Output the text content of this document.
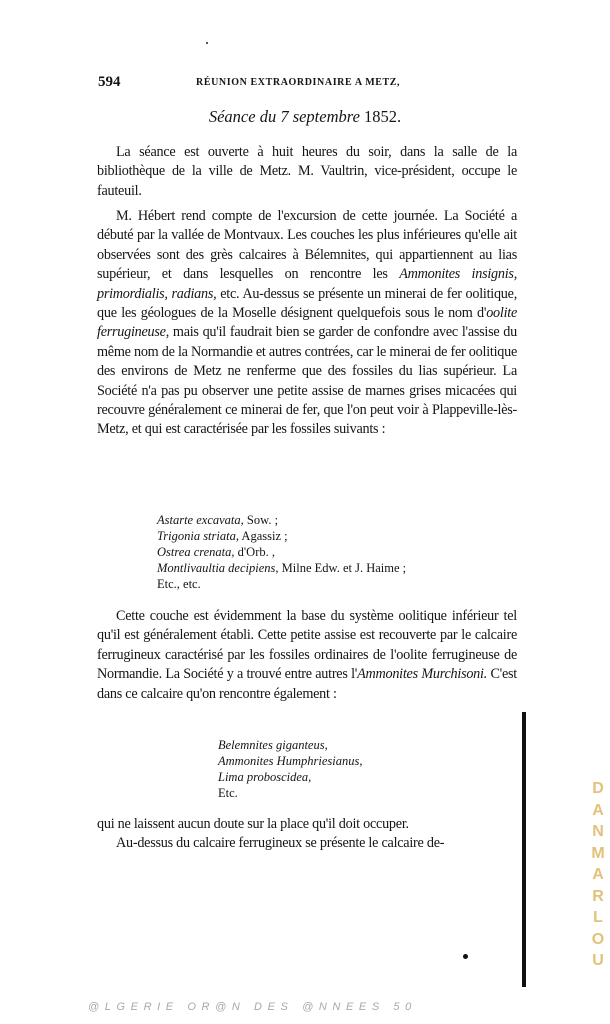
594	RÉUNION EXTRAORDINAIRE A METZ,
Séance du 7 septembre 1852.

La séance est ouverte à huit heures du soir, dans la salle de la bibliothèque de la ville de Metz. M. Vaultrin, vice-président, occupe le fauteuil.

M. Hébert rend compte de l'excursion de cette journée. La Société a débuté par la vallée de Montvaux. Les couches les plus inférieures qu'elle ait observées sont des grès calcaires à Bélemnites, qui appartiennent au lias supérieur, et dans lesquelles on rencontre les Ammonites insignis, primordialis, radians, etc. Au-dessus se présente un minerai de fer oolitique, que les géologues de la Moselle désignent quelquefois sous le nom d'oolite ferrugineuse, mais qu'il faudrait bien se garder de confondre avec l'assise du même nom de la Normandie et autres contrées, car le minerai de fer oolitique des environs de Metz ne renferme que des fossiles du lias supérieur. La Société n'a pas pu observer une petite assise de marnes grises micacées qui recouvre généralement ce minerai de fer, que l'on peut voir à Plappeville-lès-Metz, et qui est caractérisée par les fossiles suivants :

Astarte excavata, Sow. ;
Trigonia striata, Agassiz ;
Ostrea crenata, d'Orb. ,
Montlivaultia decipiens, Milne Edw. et J. Haime ;
Etc., etc.

Cette couche est évidemment la base du système oolitique inférieur tel qu'il est généralement établi. Cette petite assise est recouverte par le calcaire ferrugineux caractérisé par les fossiles ordinaires de l'oolite ferrugineuse de Normandie. La Société y a trouvé entre autres l'Ammonites Murchisoni. C'est dans ce calcaire qu'on rencontre également :

Belemnites giganteus,
Ammonites Humphriesianus,
Lima proboscidea,
Etc.

qui ne laissent aucun doute sur la place qu'il doit occuper.

Au-dessus du calcaire ferrugineux se présente le calcaire de-

D
A
N
M
A
R
L
O
U
@LGERIE OR@N DES @NNEES 50
